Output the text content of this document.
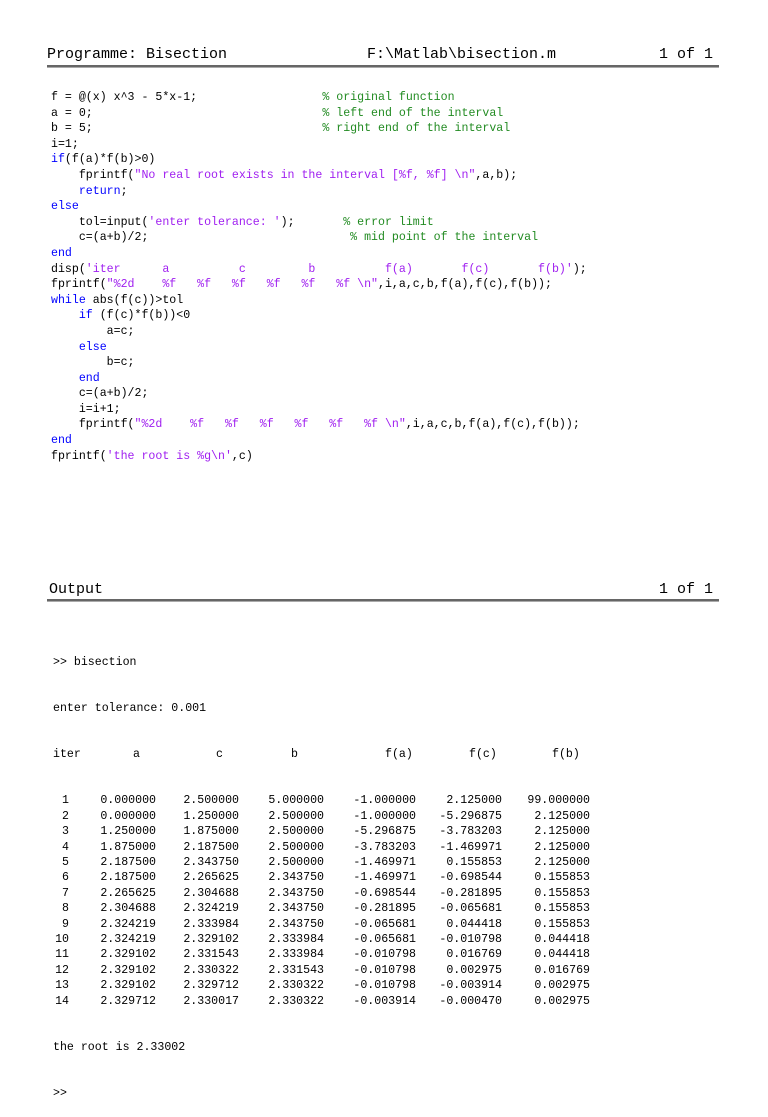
Programme: Bisection

	F:\Matlab\bisection.m

	1 of 1

f = @(x) x^3 - 5*x-1;                  % original function
a = 0;                                 % left end of the interval
b = 5;                                 % right end of the interval
i=1;
if(f(a)*f(b)>0)
fprintf("No real root exists in the interval [%f, %f] \n",a,b);
return;
else
tol=input('enter tolerance: ');       % error limit
c=(a+b)/2;                             % mid point of the interval
end
disp('iter      a          c         b          f(a)       f(c)       f(b)');
fprintf("%2d    %f   %f   %f   %f   %f   %f \n",i,a,c,b,f(a),f(c),f(b));
while abs(f(c))>tol
if (f(c)*f(b))<0
a=c;
else
b=c;
end
c=(a+b)/2;
i=i+1;
fprintf("%2d    %f   %f   %f   %f   %f   %f \n",i,a,c,b,f(a),f(c),f(b));
end
fprintf('the root is %g\n',c)

Output

	1 of 1

>> bisection

enter tolerance: 0.001

iter	a	c	b	f(a)	f(c)	f(b)

1	0.000000 2.500000	5.000000	-1.000000	2.125000 99.000000
2	0.000000 1.250000	2.500000	-1.000000 -5.296875	2.125000
3	1.250000 1.875000	2.500000	-5.296875 -3.783203	2.125000
4	1.875000 2.187500	2.500000	-3.783203 -1.469971	2.125000
5	2.187500 2.343750	2.500000	-1.469971	0.155853	2.125000
6	2.187500 2.265625	2.343750	-1.469971 -0.698544	0.155853
7	2.265625 2.304688	2.343750	-0.698544 -0.281895	0.155853
8	2.304688 2.324219	2.343750	-0.281895 -0.065681	0.155853
9	2.324219 2.333984	2.343750	-0.065681	0.044418	0.155853
10	2.324219 2.329102	2.333984	-0.065681 -0.010798	0.044418
11	2.329102 2.331543	2.333984	-0.010798	0.016769	0.044418
12	2.329102 2.330322	2.331543	-0.010798	0.002975	0.016769
13	2.329102 2.329712	2.330322	-0.010798 -0.003914	0.002975
14	2.329712 2.330017	2.330322	-0.003914 -0.000470	0.002975

the root is 2.33002

>>
